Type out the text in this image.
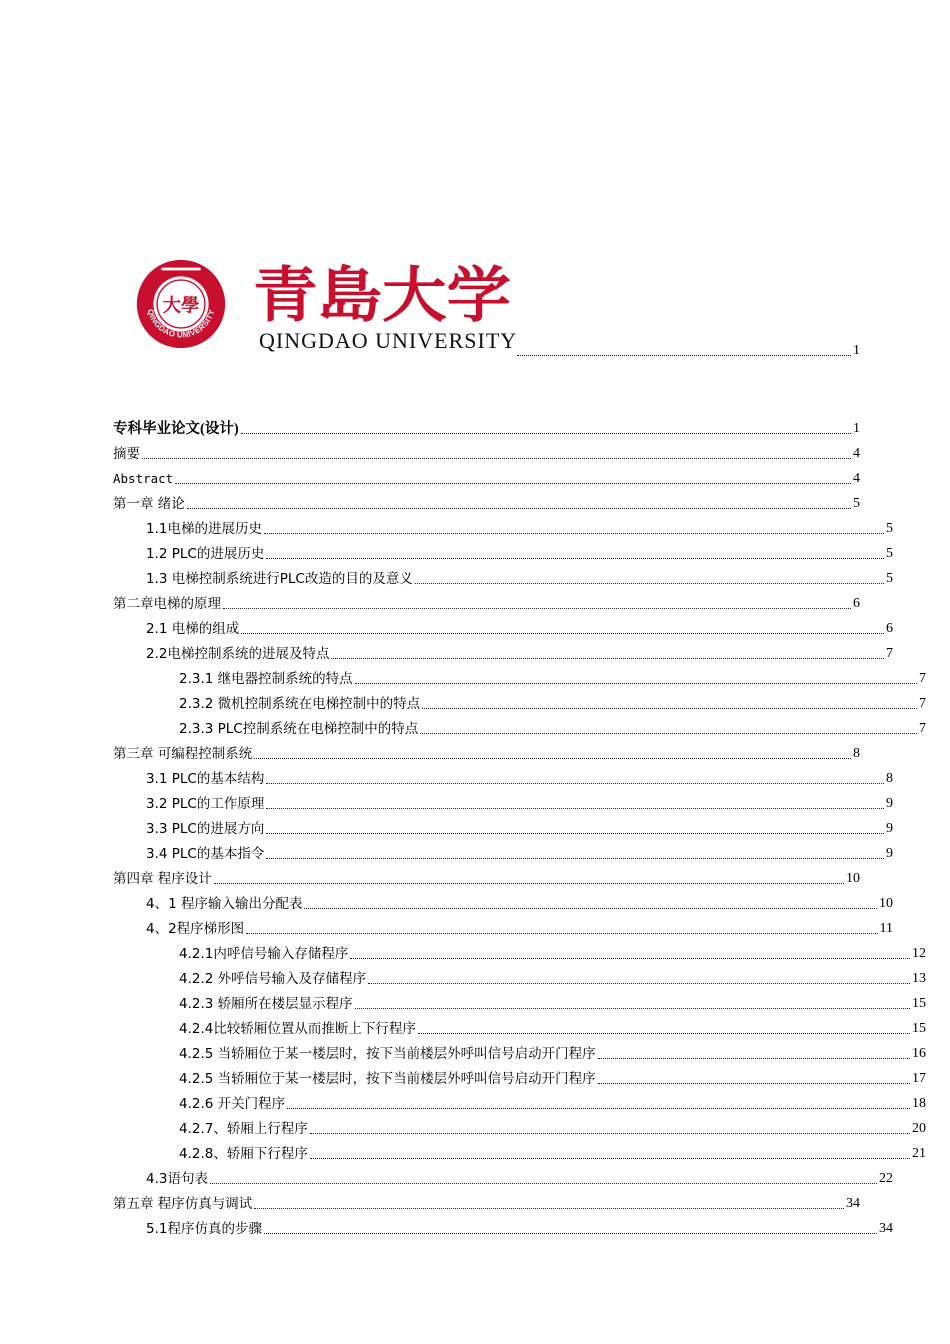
QINGDAO UNIVERSITY
大學 青島大学
QINGDAO UNIVERSITY	1
专科毕业论文(设计)	1
摘要	4
Abstract	4
第一章 绪论	5
1.1电梯的进展历史	5
1.2 PLC的进展历史	5
1.3 电梯控制系统进行PLC改造的目的及意义	5
第二章电梯的原理	6
2.1 电梯的组成	6
2.2电梯控制系统的进展及特点	7
2.3.1 继电器控制系统的特点	7
2.3.2 微机控制系统在电梯控制中的特点	7
2.3.3 PLC控制系统在电梯控制中的特点	7
第三章 可编程控制系统	8
3.1 PLC的基本结构	8
3.2 PLC的工作原理	9
3.3 PLC的进展方向	9
3.4 PLC的基本指令	9
第四章 程序设计	10
4、1 程序输入输出分配表	10
4、2程序梯形图	11
4.2.1内呼信号输入存储程序	12
4.2.2 外呼信号输入及存储程序	13
4.2.3 轿厢所在楼层显示程序	15
4.2.4比较轿厢位置从而推断上下行程序	15
4.2.5 当轿厢位于某一楼层时，按下当前楼层外呼叫信号启动开门程序	16
4.2.5 当轿厢位于某一楼层时，按下当前楼层外呼叫信号启动开门程序	17
4.2.6 开关门程序	18
4.2.7、轿厢上行程序	20
4.2.8、轿厢下行程序	21
4.3语句表	22
第五章 程序仿真与调试	34
5.1程序仿真的步骤	34
